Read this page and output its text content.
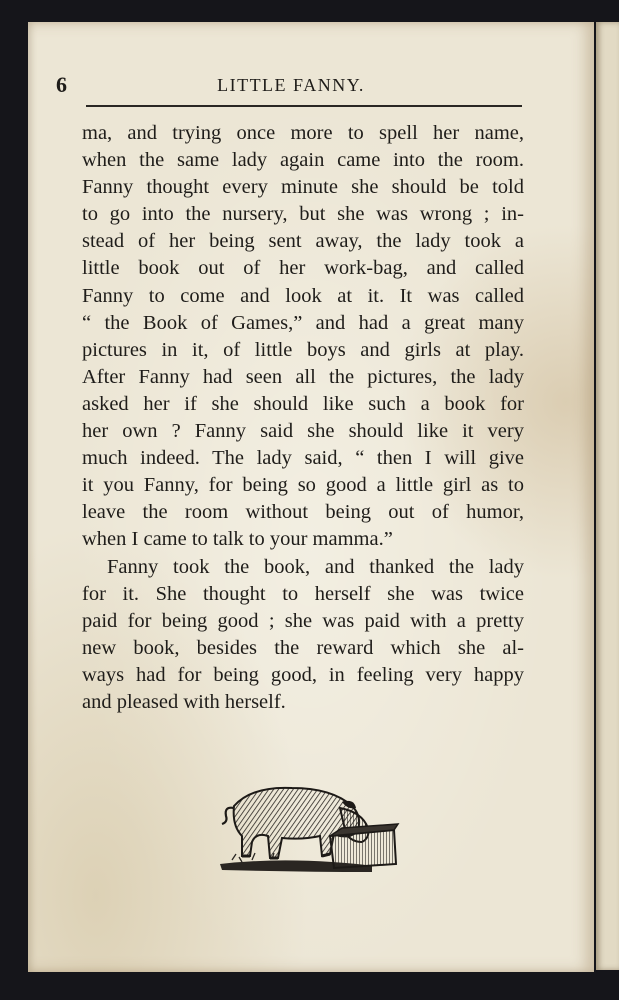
6	LITTLE FANNY.
ma, and trying once more to spell her name,
when the same lady again came into the room.
Fanny thought every minute she should be told
to go into the nursery, but she was wrong ; in-
stead of her being sent away, the lady took a
little book out of her work-bag, and called
Fanny to come and look at it. It was called
“ the Book of Games,” and had a great many
pictures in it, of little boys and girls at play.
After Fanny had seen all the pictures, the lady
asked her if she should like such a book for
her own ? Fanny said she should like it very
much indeed. The lady said, “ then I will give
it you Fanny, for being so good a little girl as to
leave the room without being out of humor,
when I came to talk to your mamma.”
Fanny took the book, and thanked the lady
for it. She thought to herself she was twice
paid for being good ; she was paid with a pretty
new book, besides the reward which she al-
ways had for being good, in feeling very happy
and pleased with herself.
